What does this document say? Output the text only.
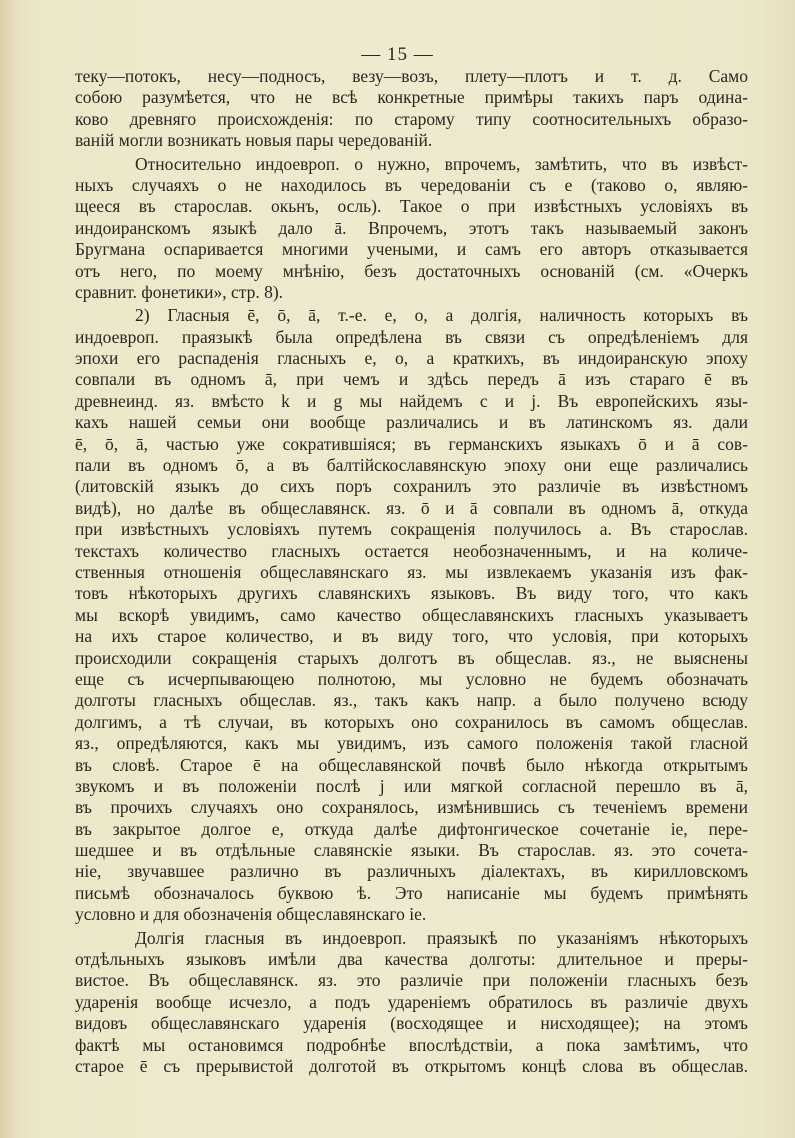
— 15 —
теку—потокъ, несу—подносъ, везу—возъ, плету—плотъ и т. д. Само
собою разумѣется, что не всѣ конкретные примѣры такихъ паръ одина-
ково древняго происхожденія: по старому типу соотносительныхъ образо-
ваній могли возникать новыя пары чередованій.
Относительно индоевроп. о нужно, впрочемъ, замѣтить, что въ извѣст-
ныхъ случаяхъ о не находилось въ чередованіи съ е (таково о, являю-
щееся въ старослав. окьнъ, осль). Такое о при извѣстныхъ условіяхъ въ
индоиранскомъ языкѣ дало ā. Впрочемъ, этотъ такъ называемый законъ
Бругмана оспаривается многими учеными, и самъ его авторъ отказывается
отъ него, по моему мнѣнію, безъ достаточныхъ основаній (см. «Очеркъ
сравнит. фонетики», стр. 8).
2) Гласныя ē, ō, ā, т.-е. е, о, а долгія, наличность которыхъ въ
индоевроп. праязыкѣ была опредѣлена въ связи съ опредѣленіемъ для
эпохи его распаденія гласныхъ е, о, а краткихъ, въ индоиранскую эпоху
совпали въ одномъ ā, при чемъ и здѣсь передъ ā изъ стараго ē въ
древнеинд. яз. вмѣсто k и g мы найдемъ c и j. Въ европейскихъ язы-
кахъ нашей семьи они вообще различались и въ латинскомъ яз. дали
ē, ō, ā, частью уже сократившіяся; въ германскихъ языкахъ ō и ā сов-
пали въ одномъ ō, а въ балтійскославянскую эпоху они еще различались
(литовскій языкъ до сихъ поръ сохранилъ это различіе въ извѣстномъ
видѣ), но далѣе въ общеславянск. яз. ō и ā совпали въ одномъ ā, откуда
при извѣстныхъ условіяхъ путемъ сокращенія получилось а. Въ старослав.
текстахъ количество гласныхъ остается необозначеннымъ, и на количе-
ственныя отношенія общеславянскаго яз. мы извлекаемъ указанія изъ фак-
товъ нѣкоторыхъ другихъ славянскихъ языковъ. Въ виду того, что какъ
мы вскорѣ увидимъ, само качество общеславянскихъ гласныхъ указываетъ
на ихъ старое количество, и въ виду того, что условія, при которыхъ
происходили сокращенія старыхъ долготъ въ общеслав. яз., не выяснены
еще съ исчерпывающею полнотою, мы условно не будемъ обозначать
долготы гласныхъ общеслав. яз., такъ какъ напр. а было получено всюду
долгимъ, а тѣ случаи, въ которыхъ оно сохранилось въ самомъ общеслав.
яз., опредѣляются, какъ мы увидимъ, изъ самого положенія такой гласной
въ словѣ. Старое ē на общеславянской почвѣ было нѣкогда открытымъ
звукомъ и въ положеніи послѣ j или мягкой согласной перешло въ ā,
въ прочихъ случаяхъ оно сохранялось, измѣнившись съ теченіемъ времени
въ закрытое долгое е, откуда далѣе дифтонгическое сочетаніе ie, пере-
шедшее и въ отдѣльные славянскіе языки. Въ старослав. яз. это сочета-
ніе, звучавшее различно въ различныхъ діалектахъ, въ кирилловскомъ
письмѣ обозначалось буквою ѣ. Это написаніе мы будемъ примѣнять
условно и для обозначенія общеславянскаго ie.
Долгія гласныя въ индоевроп. праязыкѣ по указаніямъ нѣкоторыхъ
отдѣльныхъ языковъ имѣли два качества долготы: длительное и преры-
вистое. Въ общеславянск. яз. это различіе при положеніи гласныхъ безъ
ударенія вообще исчезло, а подъ удареніемъ обратилось въ различіе двухъ
видовъ общеславянскаго ударенія (восходящее и нисходящее); на этомъ
фактѣ мы остановимся подробнѣе впослѣдствіи, а пока замѣтимъ, что
старое ē съ прерывистой долготой въ открытомъ концѣ слова въ общеслав.
